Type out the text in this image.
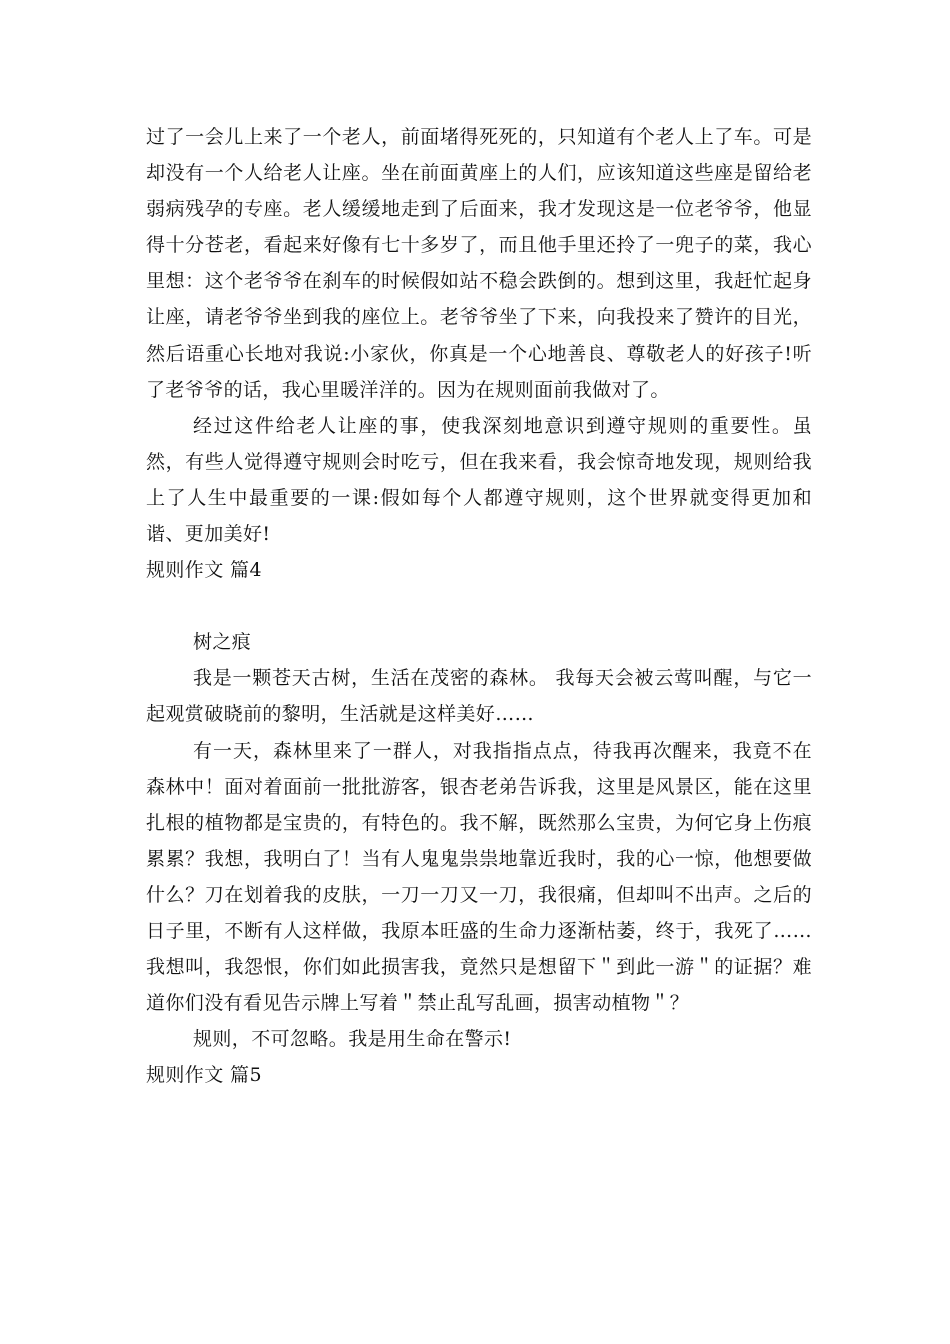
过了一会儿上来了一个老人，前面堵得死死的，只知道有个老人上了车。可是却没有一个人给老人让座。坐在前面黄座上的人们，应该知道这些座是留给老弱病残孕的专座。老人缓缓地走到了后面来，我才发现这是一位老爷爷，他显得十分苍老，看起来好像有七十多岁了，而且他手里还拎了一兜子的菜，我心里想：这个老爷爷在刹车的时候假如站不稳会跌倒的。想到这里，我赶忙起身让座，请老爷爷坐到我的座位上。老爷爷坐了下来，向我投来了赞许的目光，然后语重心长地对我说:小家伙，你真是一个心地善良、尊敬老人的好孩子!听了老爷爷的话，我心里暖洋洋的。因为在规则面前我做对了。

经过这件给老人让座的事，使我深刻地意识到遵守规则的重要性。虽然，有些人觉得遵守规则会时吃亏，但在我来看，我会惊奇地发现，规则给我上了人生中最重要的一课:假如每个人都遵守规则，这个世界就变得更加和谐、更加美好!

规则作文 篇4

树之痕

我是一颗苍天古树，生活在茂密的森林。 我每天会被云莺叫醒，与它一起观赏破晓前的黎明，生活就是这样美好……

有一天，森林里来了一群人，对我指指点点，待我再次醒来，我竟不在森林中！面对着面前一批批游客，银杏老弟告诉我，这里是风景区，能在这里扎根的植物都是宝贵的，有特色的。我不解，既然那么宝贵，为何它身上伤痕累累？我想，我明白了！当有人鬼鬼祟祟地靠近我时，我的心一惊，他想要做什么？刀在划着我的皮肤，一刀一刀又一刀，我很痛，但却叫不出声。之后的日子里，不断有人这样做，我原本旺盛的生命力逐渐枯萎，终于，我死了……我想叫，我怨恨，你们如此损害我，竟然只是想留下＂到此一游＂的证据？难道你们没有看见告示牌上写着＂禁止乱写乱画，损害动植物＂？

规则，不可忽略。我是用生命在警示!

规则作文 篇5
